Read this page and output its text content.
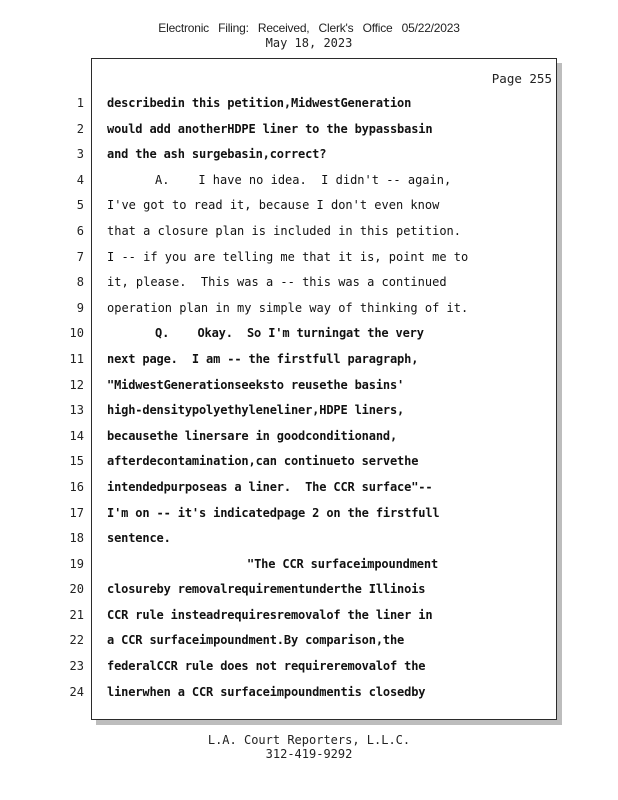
Electronic Filing: Received, Clerk's Office 05/22/2023
May 18, 2023
Page 255
1
2
3
4
5
6
7
8
9
10
11
12
13
14
15
16
17
18
19
20
21
22
23
24
describedin this petition,MidwestGeneration
would add anotherHDPE liner to the bypassbasin
and the ash surgebasin,correct?
A.    I have no idea.  I didn't -- again,
I've got to read it, because I don't even know
that a closure plan is included in this petition.
I -- if you are telling me that it is, point me to
it, please.  This was a -- this was a continued
operation plan in my simple way of thinking of it.
Q.    Okay.  So I'm turningat the very
next page.  I am -- the firstfull paragraph,
"MidwestGenerationseeksto reusethe basins'
high-densitypolyethyleneliner,HDPE liners,
becausethe linersare in goodconditionand,
afterdecontamination,can continueto servethe
intendedpurposeas a liner.  The CCR surface"--
I'm on -- it's indicatedpage 2 on the firstfull
sentence.
"The CCR surfaceimpoundment
closureby removalrequirementunderthe Illinois
CCR rule insteadrequiresremovalof the liner in
a CCR surfaceimpoundment.By comparison,the
federalCCR rule does not requireremovalof the
linerwhen a CCR surfaceimpoundmentis closedby
L.A. Court Reporters, L.L.C.
312-419-9292
